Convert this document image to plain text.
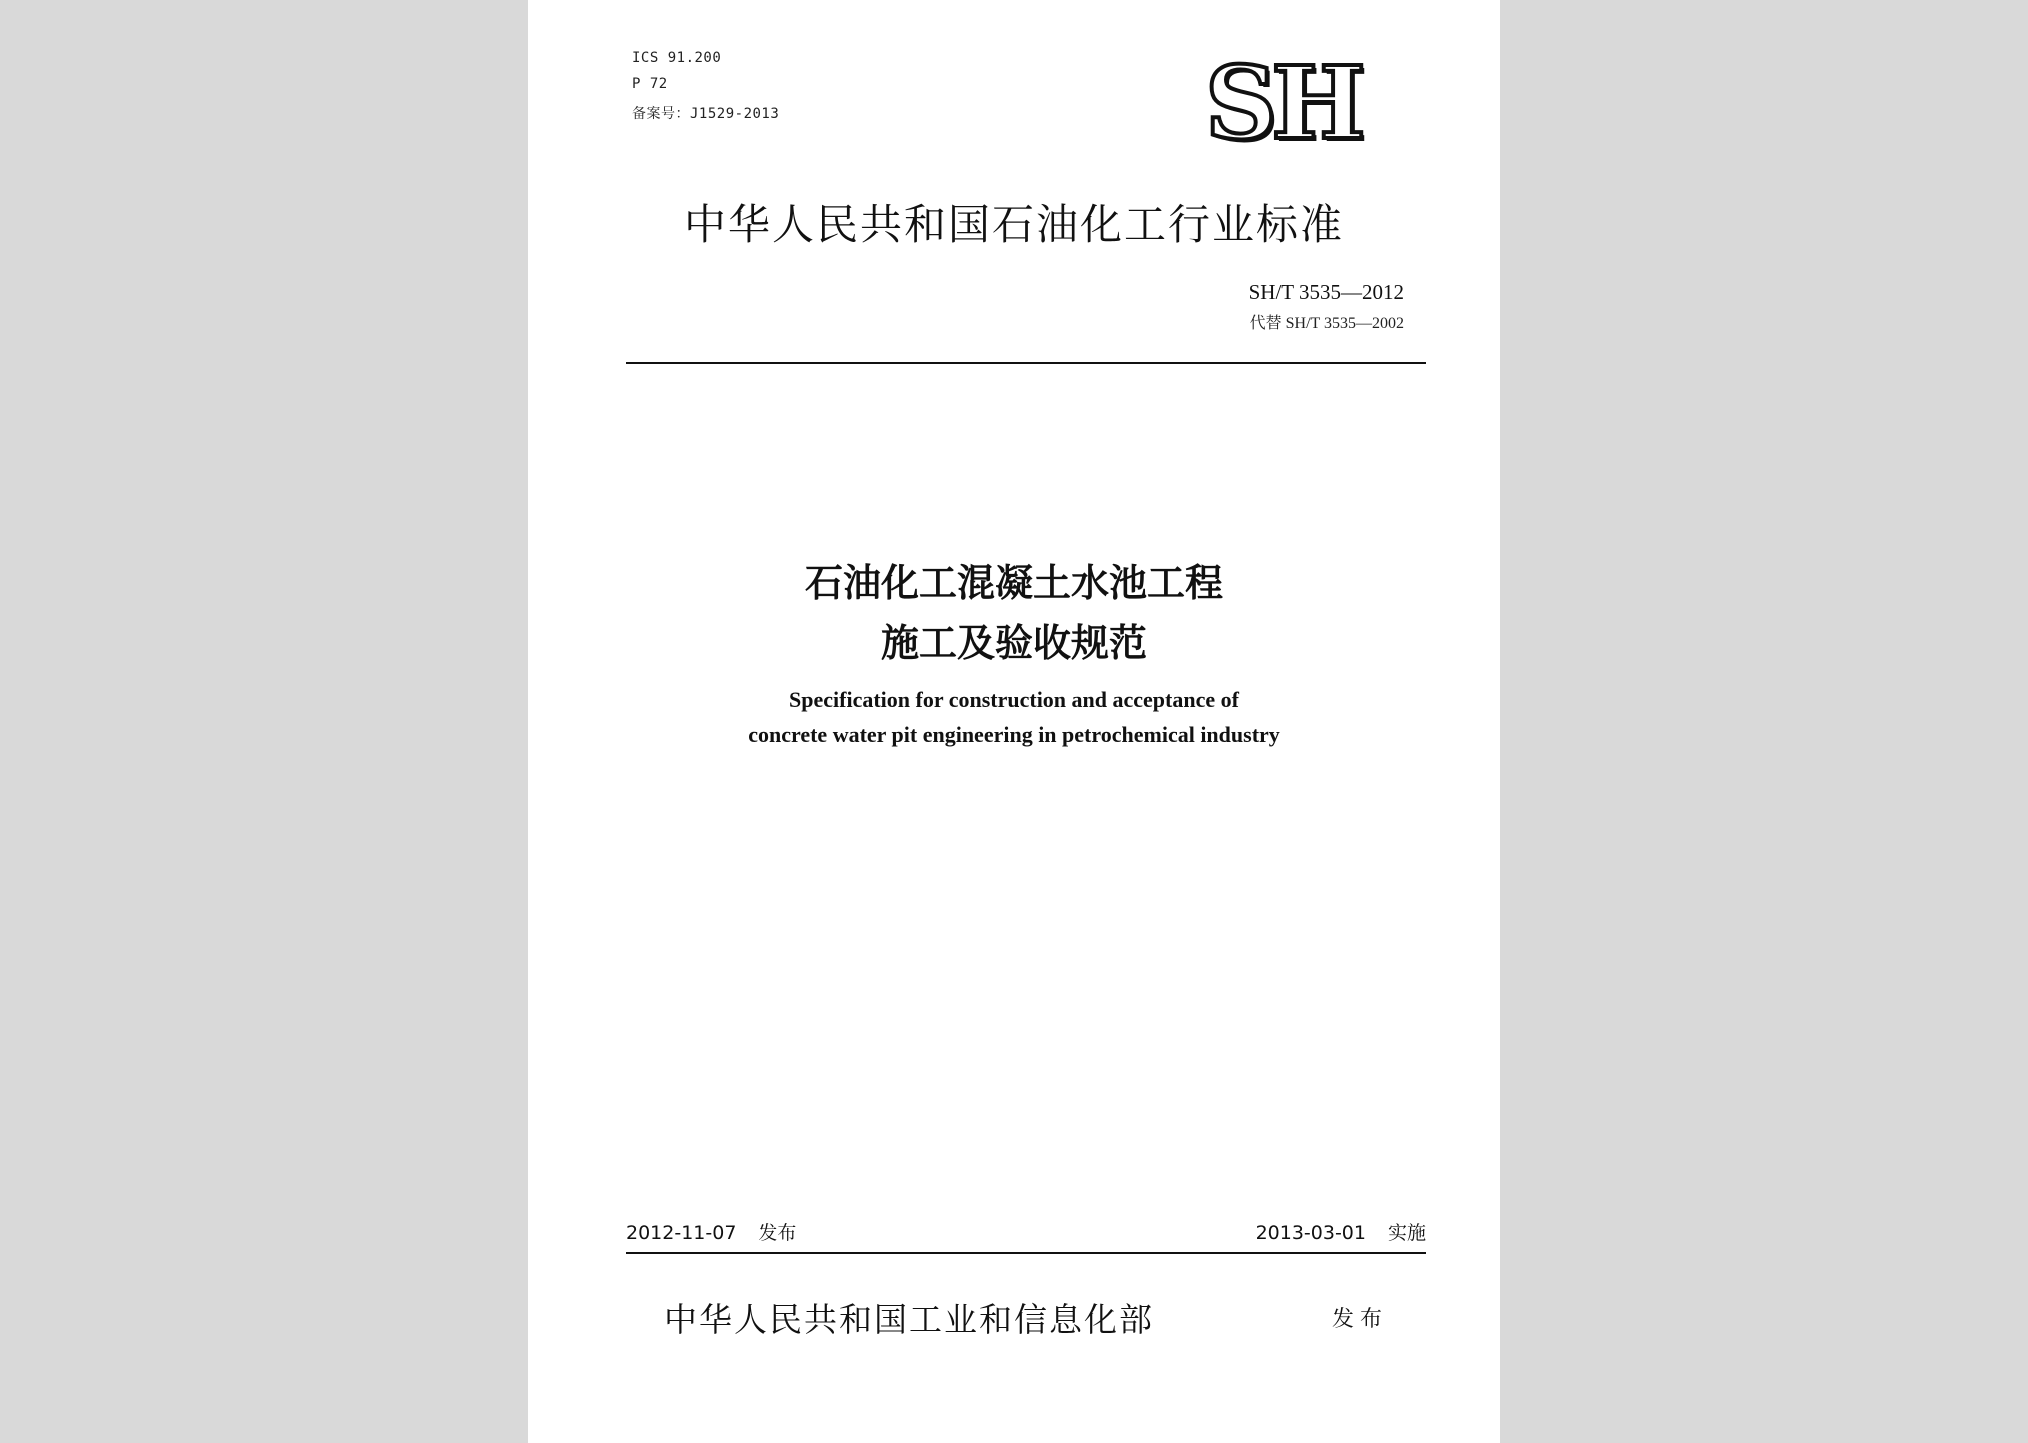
ICS 91.200
P 72
备案号：J1529-2013	SH
中华人民共和国石油化工行业标准
SH/T 3535—2012
代替 SH/T 3535—2002
石油化工混凝土水池工程
施工及验收规范
Specification for construction and acceptance of
concrete water pit engineering in petrochemical industry
2012-11-07 发布	2013-03-01 实施
中华人民共和国工业和信息化部	发布
